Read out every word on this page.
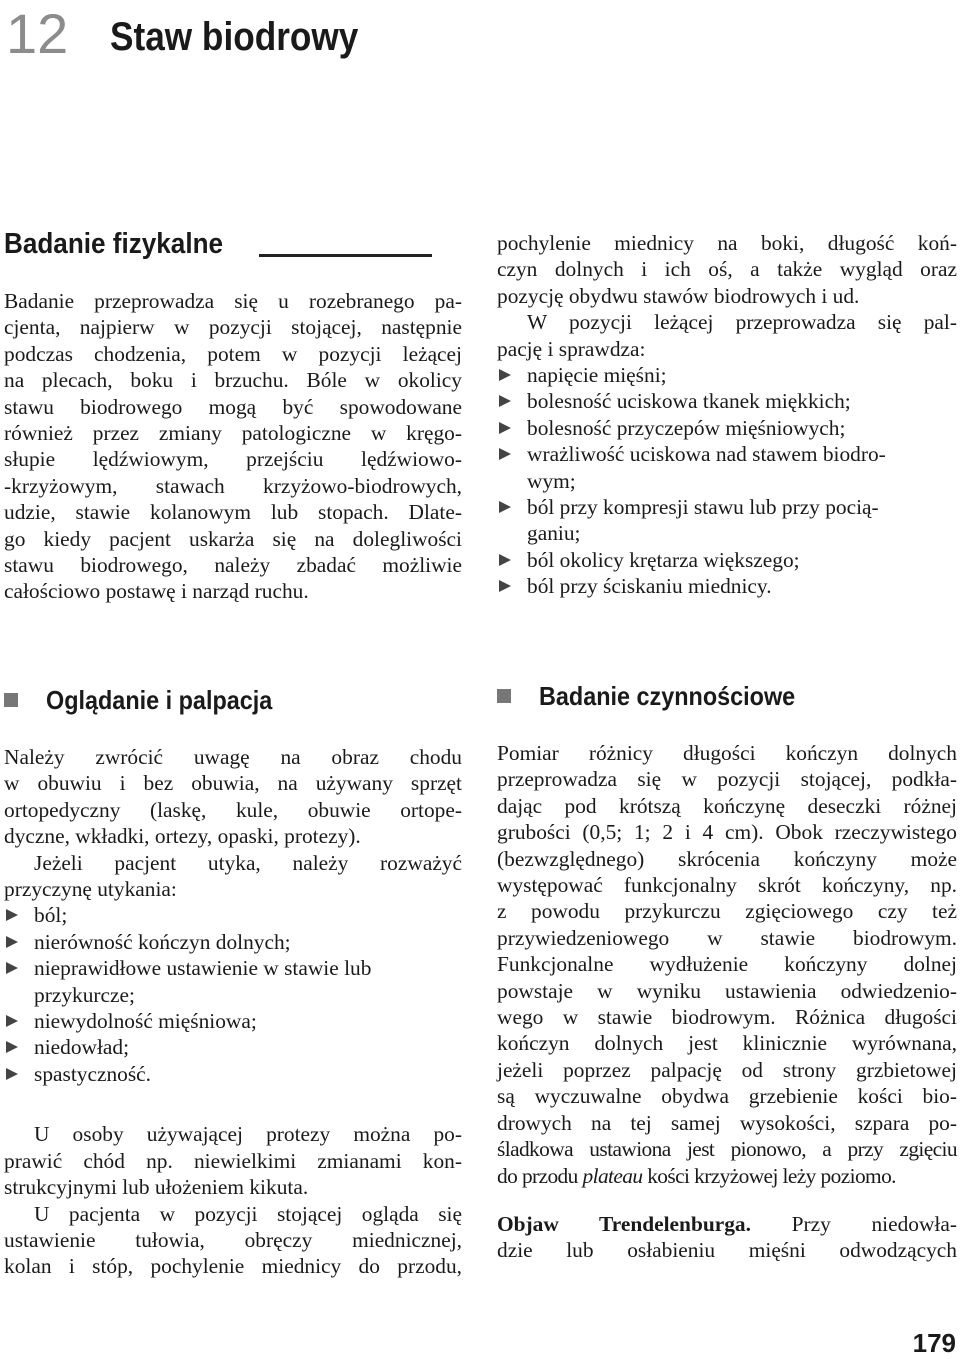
12 Staw biodrowy
Badanie fizykalne
Badanie przeprowadza się u rozebranego pa-
cjenta, najpierw w pozycji stojącej, następnie
podczas chodzenia, potem w pozycji leżącej
na plecach, boku i brzuchu. Bóle w okolicy
stawu biodrowego mogą być spowodowane
również przez zmiany patologiczne w kręgo-
słupie lędźwiowym, przejściu lędźwiowo-
-krzyżowym, stawach krzyżowo-biodrowych,
udzie, stawie kolanowym lub stopach. Dlate-
go kiedy pacjent uskarża się na dolegliwości
stawu biodrowego, należy zbadać możliwie
całościowo postawę i narząd ruchu.
pochylenie miednicy na boki, długość koń-
czyn dolnych i ich oś, a także wygląd oraz
pozycję obydwu stawów biodrowych i ud.
W pozycji leżącej przeprowadza się pal-
pację i sprawdza:
napięcie mięśni;
bolesność uciskowa tkanek miękkich;
bolesność przyczepów mięśniowych;
wrażliwość uciskowa nad stawem biodro-
wym;
ból przy kompresji stawu lub przy pocią-
ganiu;
ból okolicy krętarza większego;
ból przy ściskaniu miednicy.
Oglądanie i palpacja
Należy zwrócić uwagę na obraz chodu
w obuwiu i bez obuwia, na używany sprzęt
ortopedyczny (laskę, kule, obuwie ortope-
dyczne, wkładki, ortezy, opaski, protezy).
Jeżeli pacjent utyka, należy rozważyć
przyczynę utykania:
ból;
nierówność kończyn dolnych;
nieprawidłowe ustawienie w stawie lub
przykurcze;
niewydolność mięśniowa;
niedowład;
spastyczność.
U osoby używającej protezy można po-
prawić chód np. niewielkimi zmianami kon-
strukcyjnymi lub ułożeniem kikuta.
U pacjenta w pozycji stojącej ogląda się
ustawienie tułowia, obręczy miednicznej,
kolan i stóp, pochylenie miednicy do przodu,
Badanie czynnościowe
Pomiar różnicy długości kończyn dolnych
przeprowadza się w pozycji stojącej, podkła-
dając pod krótszą kończynę deseczki różnej
grubości (0,5; 1; 2 i 4 cm). Obok rzeczywistego
(bezwzględnego) skrócenia kończyny może
występować funkcjonalny skrót kończyny, np.
z powodu przykurczu zgięciowego czy też
przywiedzeniowego w stawie biodrowym.
Funkcjonalne wydłużenie kończyny dolnej
powstaje w wyniku ustawienia odwiedzenio-
wego w stawie biodrowym. Różnica długości
kończyn dolnych jest klinicznie wyrównana,
jeżeli poprzez palpację od strony grzbietowej
są wyczuwalne obydwa grzebienie kości bio-
drowych na tej samej wysokości, szpara po-
śladkowa ustawiona jest pionowo, a przy zgięciu
do przodu plateau kości krzyżowej leży poziomo.
Objaw Trendelenburga. Przy niedowła-
dzie lub osłabieniu mięśni odwodzących
179
